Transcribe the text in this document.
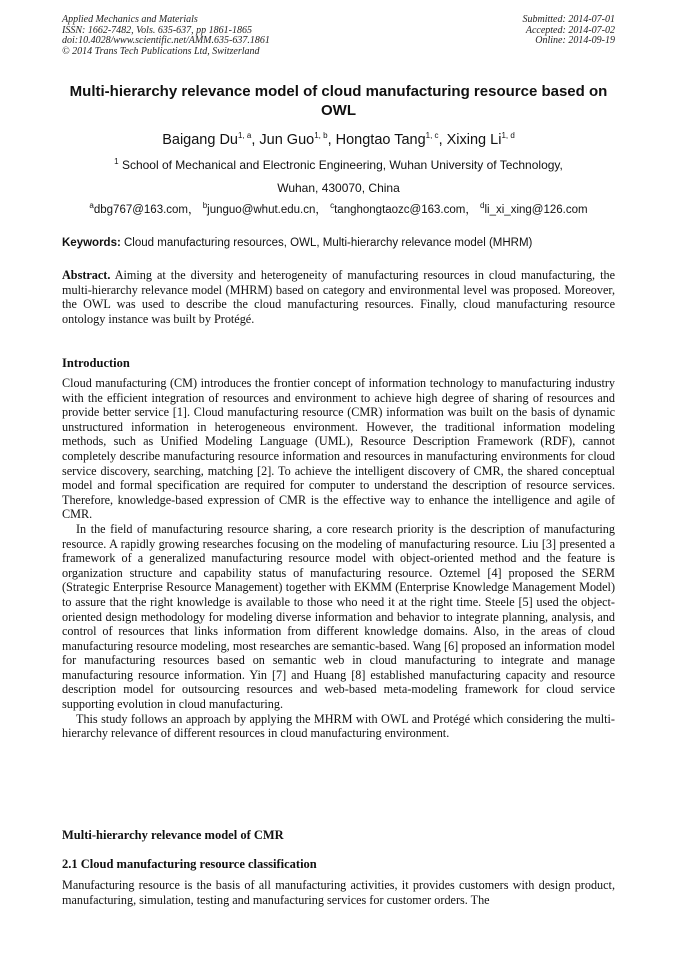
Applied Mechanics and Materials
ISSN: 1662-7482, Vols. 635-637, pp 1861-1865
doi:10.4028/www.scientific.net/AMM.635-637.1861
© 2014 Trans Tech Publications Ltd, Switzerland
Submitted: 2014-07-01
Accepted: 2014-07-02
Online: 2014-09-19
Multi-hierarchy relevance model of cloud manufacturing resource based on OWL
Baigang Du$^{1, a}$, Jun Guo$^{1, b}$, Hongtao Tang$^{1, c}$, Xixing Li$^{1, d}$
$^1$ School of Mechanical and Electronic Engineering, Wuhan University of Technology,
Wuhan, 430070, China
$^a$dbg767@163.com， $^b$junguo@whut.edu.cn， $^c$tanghongtaozc@163.com， $^d$li_xi_xing@126.com
Keywords: Cloud manufacturing resources, OWL, Multi-hierarchy relevance model (MHRM)

Abstract. Aiming at the diversity and heterogeneity of manufacturing resources in cloud manufacturing, the multi-hierarchy relevance model (MHRM) based on category and environmental level was proposed. Moreover, the OWL was used to describe the cloud manufacturing resources. Finally, cloud manufacturing resource ontology instance was built by Protégé.

Introduction

Cloud manufacturing (CM) introduces the frontier concept of information technology to manufacturing industry with the efficient integration of resources and environment to achieve high degree of sharing of resources and provide better service [1]. Cloud manufacturing resource (CMR) information was built on the basis of dynamic unstructured information in heterogeneous environment. However, the traditional information modeling methods, such as Unified Modeling Language (UML), Resource Description Framework (RDF), cannot completely describe manufacturing resource information and resources in manufacturing environments for cloud service discovery, searching, matching [2]. To achieve the intelligent discovery of CMR, the shared conceptual model and formal specification are required for computer to understand the description of resource services. Therefore, knowledge-based expression of CMR is the effective way to enhance the intelligence and agile of CMR.

In the field of manufacturing resource sharing, a core research priority is the description of manufacturing resource. A rapidly growing researches focusing on the modeling of manufacturing resource. Liu [3] presented a framework of a generalized manufacturing resource model with object-oriented method and the feature is organization structure and capability status of manufacturing resource. Oztemel [4] proposed the SERM (Strategic Enterprise Resource Management) together with EKMM (Enterprise Knowledge Management Model) to assure that the right knowledge is available to those who need it at the right time. Steele [5] used the object-oriented design methodology for modeling diverse information and behavior to integrate planning, analysis, and control of resources that links information from different knowledge domains. Also, in the areas of cloud manufacturing resource modeling, most researches are semantic-based. Wang [6] proposed an information model for manufacturing resources based on semantic web in cloud manufacturing to integrate and manage manufacturing resource information. Yin [7] and Huang [8] established manufacturing capacity and resource description model for outsourcing resources and web-based meta-modeling framework for cloud service supporting evolution in cloud manufacturing.

This study follows an approach by applying the MHRM with OWL and Protégé which considering the multi-hierarchy relevance of different resources in cloud manufacturing environment.

Multi-hierarchy relevance model of CMR
2.1 Cloud manufacturing resource classification

Manufacturing resource is the basis of all manufacturing activities, it provides customers with design product, manufacturing, simulation, testing and manufacturing services for customer orders. The
